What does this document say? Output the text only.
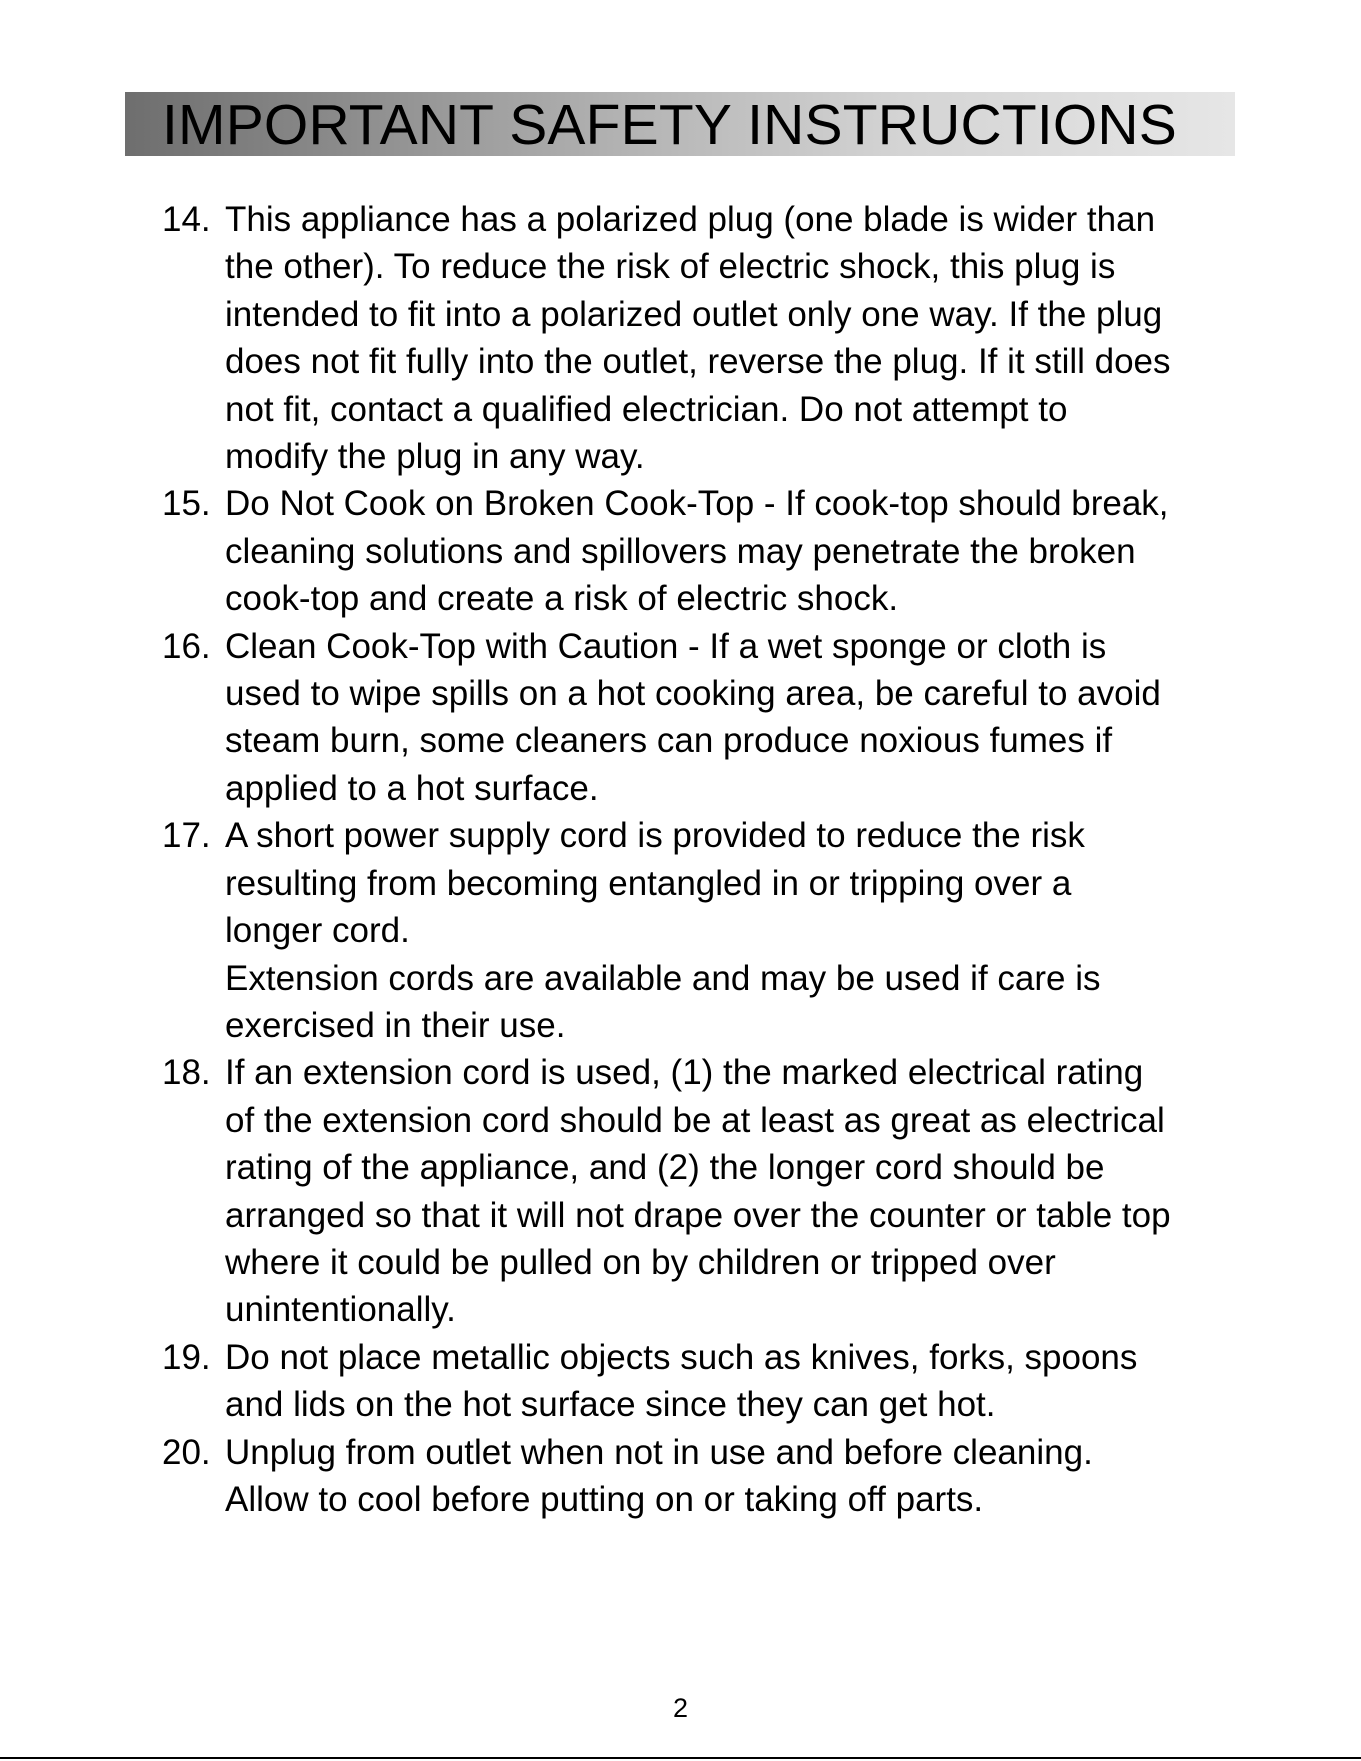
IMPORTANT SAFETY INSTRUCTIONS
14. This appliance has a polarized plug (one blade is wider than
the other). To reduce the risk of electric shock, this plug is
intended to fit into a polarized outlet only one way. If the plug
does not fit fully into the outlet, reverse the plug. If it still does
not fit, contact a qualified electrician. Do not attempt to
modify the plug in any way.
15. Do Not Cook on Broken Cook-Top - If cook-top should break,
cleaning solutions and spillovers may penetrate the broken
cook-top and create a risk of electric shock.
16. Clean Cook-Top with Caution - If a wet sponge or cloth is
used to wipe spills on a hot cooking area, be careful to avoid
steam burn, some cleaners can produce noxious fumes if
applied to a hot surface.
17. A short power supply cord is provided to reduce the risk
resulting from becoming entangled in or tripping over a
longer cord.
Extension cords are available and may be used if care is
exercised in their use.
18. If an extension cord is used, (1) the marked electrical rating
of the extension cord should be at least as great as electrical
rating of the appliance, and (2) the longer cord should be
arranged so that it will not drape over the counter or table top
where it could be pulled on by children or tripped over
unintentionally.
19. Do not place metallic objects such as knives, forks, spoons
and lids on the hot surface since they can get hot.
20. Unplug from outlet when not in use and before cleaning.
Allow to cool before putting on or taking off parts.
2
